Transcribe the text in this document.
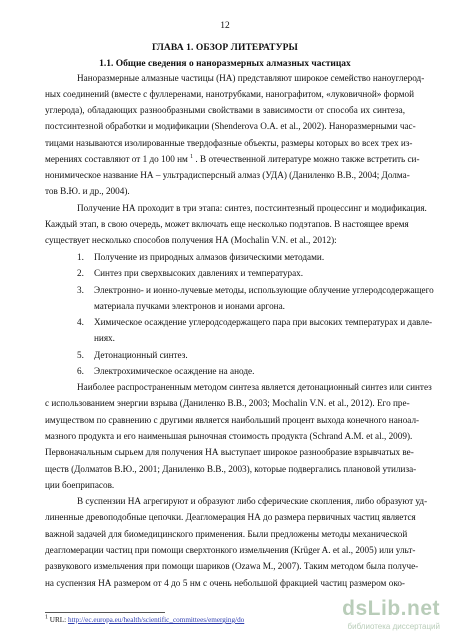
12
ГЛАВА 1. ОБЗОР ЛИТЕРАТУРЫ
1.1. Общие сведения о наноразмерных алмазных частицах
Наноразмерные алмазные частицы (НА) представляют широкое семейство наноуглерод-
ных соединений (вместе с фуллеренами, нанотрубками, нанографитом, «луковичной» формой
углерода), обладающих разнообразными свойствами в зависимости от способа их синтеза,
постсинтезной обработки и модификации (Shenderova O.A. et al., 2002). Наноразмерными час-
тицами называются изолированные твердофазные объекты, размеры которых во всех трех из-
мерениях составляют от 1 до 100 нм $^1$ . В отечественной литературе можно также встретить си-
нонимическое название НА – ультрадисперсный алмаз (УДА) (Даниленко В.В., 2004; Долма-
тов В.Ю. и др., 2004).
Получение НА проходит в три этапа: синтез, постсинтезный процессинг и модификация.
Каждый этап, в свою очередь, может включать еще несколько подэтапов. В настоящее время
существует несколько способов получения НА (Mochalin V.N. et al., 2012):
1.	Получение из природных алмазов физическими методами.
2.	Синтез при сверхвысоких давлениях и температурах.
3.	Электронно- и ионно-лучевые методы, использующие облучение углеродсодержащего
материала пучками электронов и ионами аргона.
4.	Химическое осаждение углеродсодержащего пара при высоких температурах и давле-
ниях.
5.	Детонационный синтез.
6.	Электрохимическое осаждение на аноде.
Наиболее распространенным методом синтеза является детонационный синтез или синтез
с использованием энергии взрыва (Даниленко В.В., 2003; Mochalin V.N. et al., 2012). Его пре-
имуществом по сравнению с другими является наибольший процент выхода конечного нанoал-
мазного продукта и его наименьшая рыночная стоимость продукта (Schrand A.M. et al., 2009).
Первоначальным сырьем для получения НА выступает широкое разнообразие взрывчатых ве-
ществ (Долматов В.Ю., 2001; Даниленко В.В., 2003), которые подвергались плановой утилиза-
ции боеприпасов.
В суспензии НА агрегируют и образуют либо сферические скопления, либо образуют уд-
линенные древоподобные цепочки. Деагломерация НА до размера первичных частиц является
важной задачей для биомедицинского применения. Были предложены методы механической
деагломерации частиц при помощи сверхтонкого измельчения (Krüger A. et al., 2005) или ульт-
развукового измельчения при помощи шариков (Ozawa M., 2007). Таким методом была получе-
на суспензия НА размером от 4 до 5 нм с очень небольшой фракцией частиц размером око-
$^1$ URL: http://ec.europa.eu/health/scientific_committees/emerging/do	dsLib.net
библиотека диссертаций
